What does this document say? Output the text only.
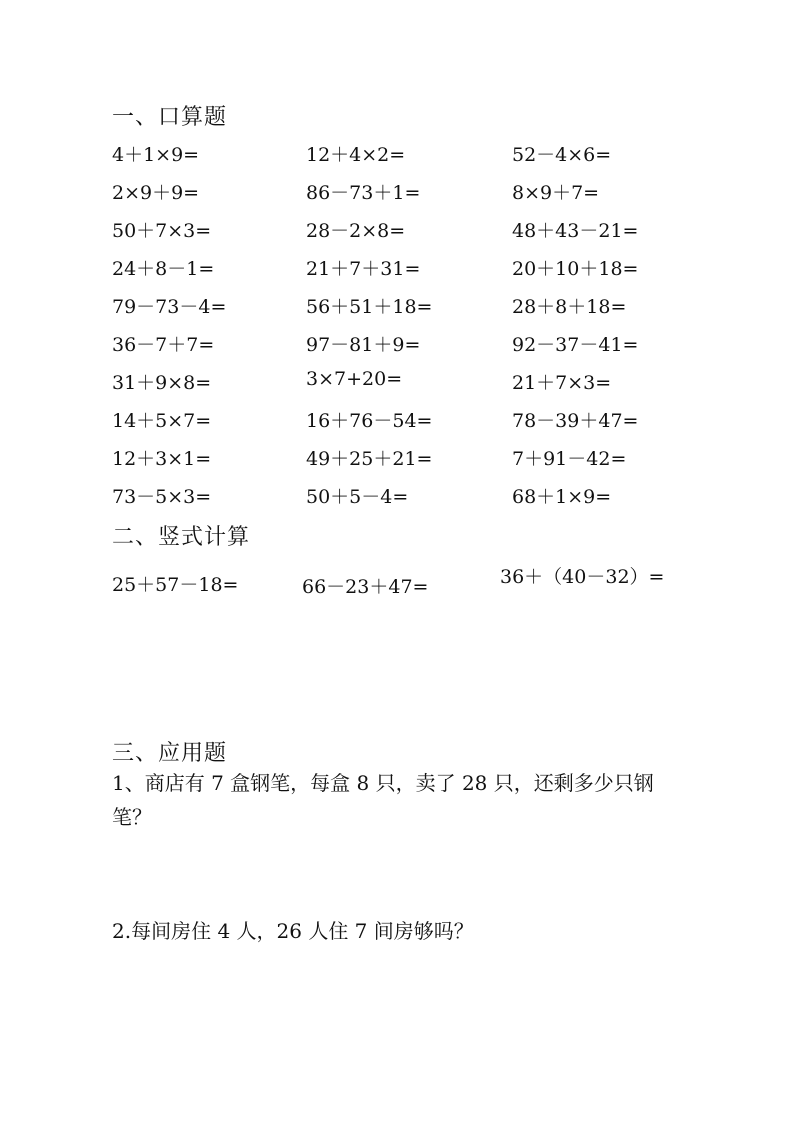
一、口算题
4＋1×9=	12＋4×2=	52－4×6=
2×9＋9=	86－73＋1=	8×9＋7=
50＋7×3=	28－2×8=	48＋43－21=
24＋8－1=	21＋7＋31=	20＋10＋18=
79－73－4=	56＋51＋18=	28＋8＋18=
36－7＋7=	97－81＋9=	92－37－41=
31＋9×8=	3×7+20=	21＋7×3=
14＋5×7=	16＋76－54=	78－39＋47=
12＋3×1=	49＋25＋21=	7＋91－42=
73－5×3=	50＋5－4=	68＋1×9=
二、竖式计算
25＋57－18=	66－23＋47=	36＋（40－32）=
三、应用题
1、商店有 7 盒钢笔，每盒 8 只，卖了 28 只，还剩多少只钢笔？
2.每间房住 4 人，26 人住 7 间房够吗？
